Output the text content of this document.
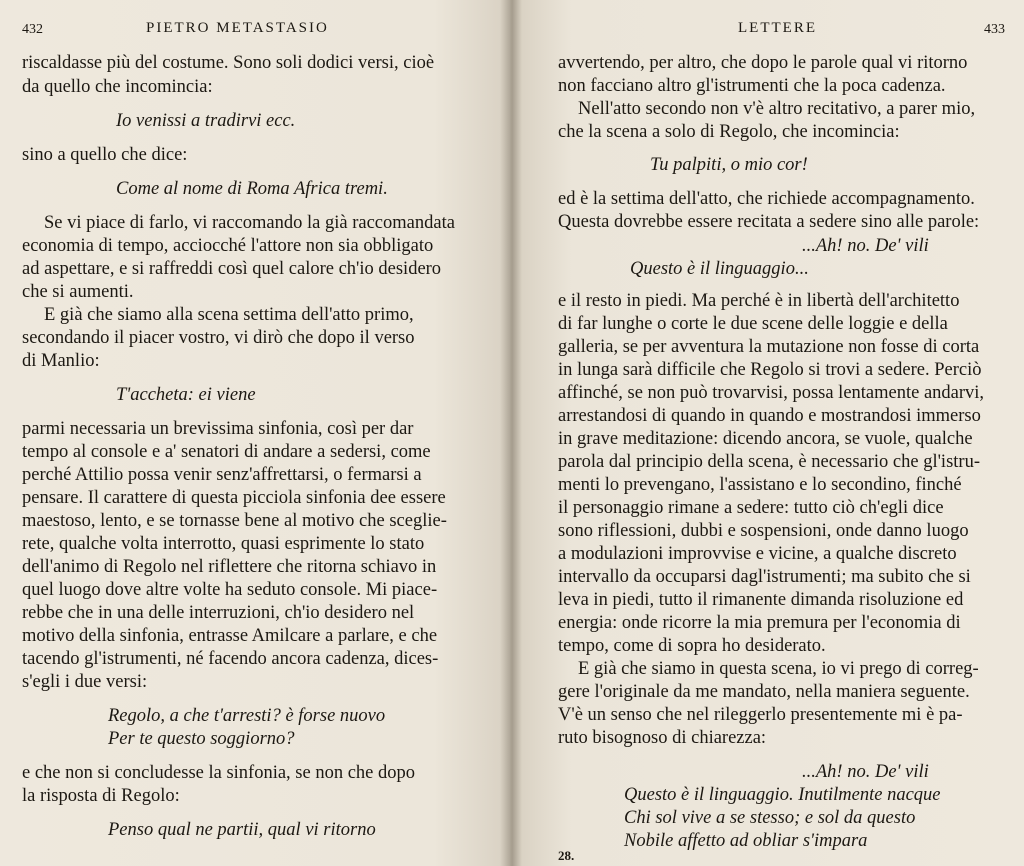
432	PIETRO METASTASIO
riscaldasse più del costume. Sono soli dodici versi, cioè
da quello che incomincia:
Io venissi a tradirvi ecc.
sino a quello che dice:
Come al nome di Roma Africa tremi.
Se vi piace di farlo, vi raccomando la già raccomandata
economia di tempo, acciocché l'attore non sia obbligato
ad aspettare, e si raffreddi così quel calore ch'io desidero
che si aumenti.
E già che siamo alla scena settima dell'atto primo,
secondando il piacer vostro, vi dirò che dopo il verso
di Manlio:
T'accheta: ei viene
parmi necessaria un brevissima sinfonia, così per dar
tempo al console e a' senatori di andare a sedersi, come
perché Attilio possa venir senz'affrettarsi, o fermarsi a
pensare. Il carattere di questa picciola sinfonia dee essere
maestoso, lento, e se tornasse bene al motivo che sceglie-
rete, qualche volta interrotto, quasi esprimente lo stato
dell'animo di Regolo nel riflettere che ritorna schiavo in
quel luogo dove altre volte ha seduto console. Mi piace-
rebbe che in una delle interruzioni, ch'io desidero nel
motivo della sinfonia, entrasse Amilcare a parlare, e che
tacendo gl'istrumenti, né facendo ancora cadenza, dices-
s'egli i due versi:
Regolo, a che t'arresti? è forse nuovo
Per te questo soggiorno?
e che non si concludesse la sinfonia, se non che dopo
la risposta di Regolo:
Penso qual ne partii, qual vi ritorno
LETTERE	433
avvertendo, per altro, che dopo le parole qual vi ritorno
non facciano altro gl'istrumenti che la poca cadenza.
Nell'atto secondo non v'è altro recitativo, a parer mio,
che la scena a solo di Regolo, che incomincia:
Tu palpiti, o mio cor!
ed è la settima dell'atto, che richiede accompagnamento.
Questa dovrebbe essere recitata a sedere sino alle parole:
...Ah! no. De' vili
Questo è il linguaggio...
e il resto in piedi. Ma perché è in libertà dell'architetto
di far lunghe o corte le due scene delle loggie e della
galleria, se per avventura la mutazione non fosse di corta
in lunga sarà difficile che Regolo si trovi a sedere. Perciò
affinché, se non può trovarvisi, possa lentamente andarvi,
arrestandosi di quando in quando e mostrandosi immerso
in grave meditazione: dicendo ancora, se vuole, qualche
parola dal principio della scena, è necessario che gl'istru-
menti lo prevengano, l'assistano e lo secondino, finché
il personaggio rimane a sedere: tutto ciò ch'egli dice
sono riflessioni, dubbi e sospensioni, onde danno luogo
a modulazioni improvvise e vicine, a qualche discreto
intervallo da occuparsi dagl'istrumenti; ma subito che si
leva in piedi, tutto il rimanente dimanda risoluzione ed
energia: onde ricorre la mia premura per l'economia di
tempo, come di sopra ho desiderato.
E già che siamo in questa scena, io vi prego di correg-
gere l'originale da me mandato, nella maniera seguente.
V'è un senso che nel rileggerlo presentemente mi è pa-
ruto bisognoso di chiarezza:
...Ah! no. De' vili
Questo è il linguaggio. Inutilmente nacque
Chi sol vive a se stesso; e sol da questo
Nobile affetto ad obliar s'impara
28.
